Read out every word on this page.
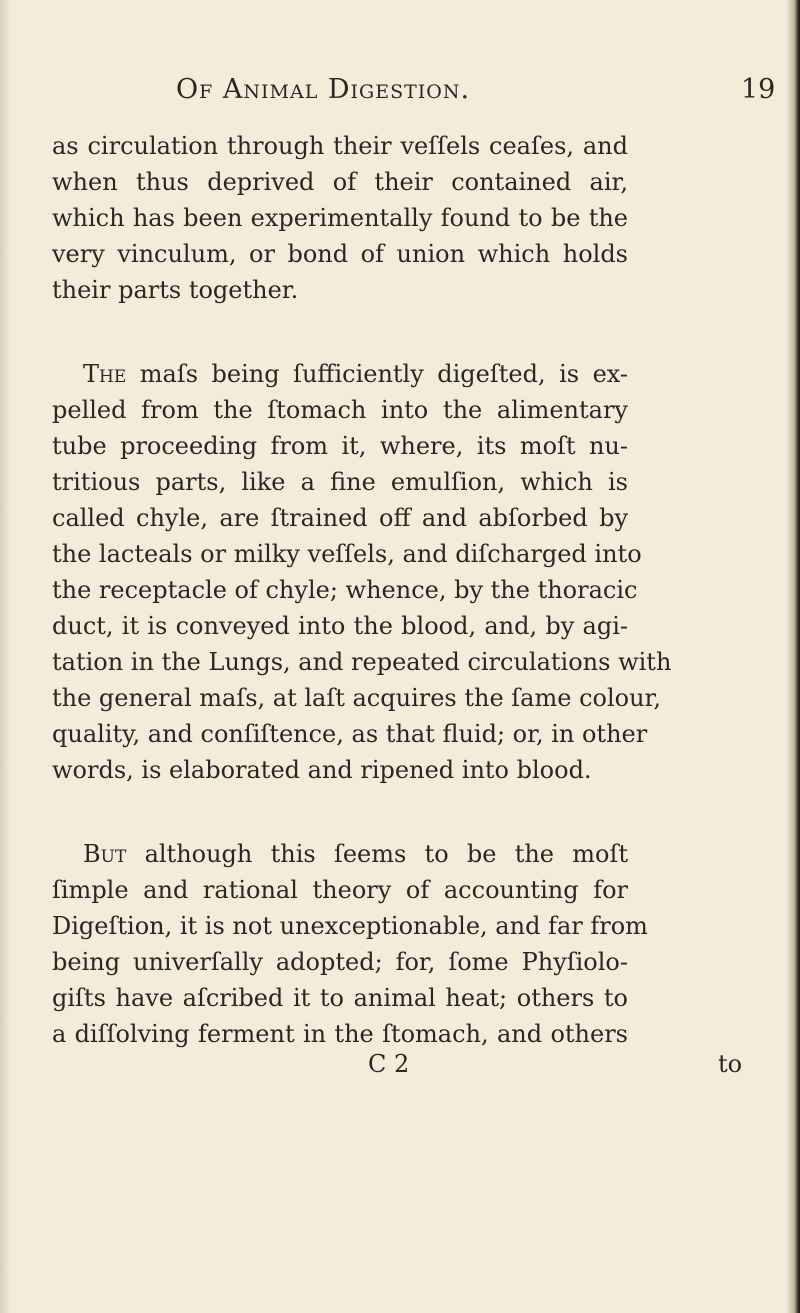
Of Animal Digestion.	19
as circulation through their veſſels ceaſes, and
when thus deprived of their contained air,
which has been experimentally found to be the
very vinculum, or bond of union which holds
their parts together.
The maſs being ſufficiently digeſted, is ex-
pelled from the ſtomach into the alimentary
tube proceeding from it, where, its moſt nu-
tritious parts, like a fine emulſion, which is
called chyle, are ſtrained off and abſorbed by
the lacteals or milky veſſels, and diſcharged into
the receptacle of chyle; whence, by the thoracic
duct, it is conveyed into the blood, and, by agi-
tation in the Lungs, and repeated circulations with
the general maſs, at laſt acquires the ſame colour,
quality, and conſiſtence, as that fluid; or, in other
words, is elaborated and ripened into blood.
But although this ſeems to be the moſt
ſimple and rational theory of accounting for
Digeſtion, it is not unexceptionable, and far from
being univerſally adopted; for, ſome Phyſiolo-
giſts have aſcribed it to animal heat; others to
a diſſolving ferment in the ſtomach, and others
C 2	to
